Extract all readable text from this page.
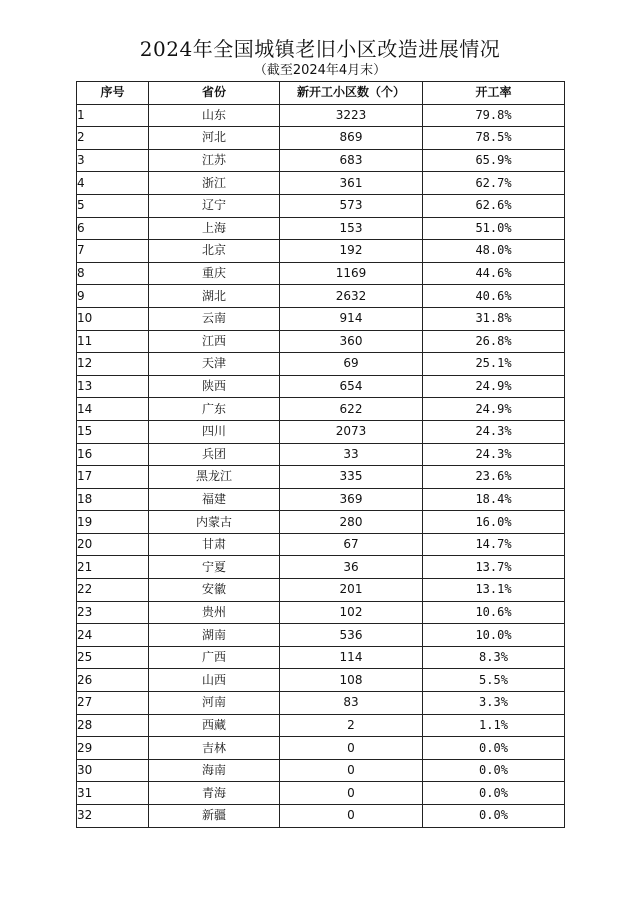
2024年全国城镇老旧小区改造进展情况
（截至2024年4月末）
序号	省份	新开工小区数（个）	开工率
1	山东	3223	79.8%
2	河北	869	78.5%
3	江苏	683	65.9%
4	浙江	361	62.7%
5	辽宁	573	62.6%
6	上海	153	51.0%
7	北京	192	48.0%
8	重庆	1169	44.6%
9	湖北	2632	40.6%
10	云南	914	31.8%
11	江西	360	26.8%
12	天津	69	25.1%
13	陕西	654	24.9%
14	广东	622	24.9%
15	四川	2073	24.3%
16	兵团	33	24.3%
17	黑龙江	335	23.6%
18	福建	369	18.4%
19	内蒙古	280	16.0%
20	甘肃	67	14.7%
21	宁夏	36	13.7%
22	安徽	201	13.1%
23	贵州	102	10.6%
24	湖南	536	10.0%
25	广西	114	8.3%
26	山西	108	5.5%
27	河南	83	3.3%
28	西藏	2	1.1%
29	吉林	0	0.0%
30	海南	0	0.0%
31	青海	0	0.0%
32	新疆	0	0.0%
